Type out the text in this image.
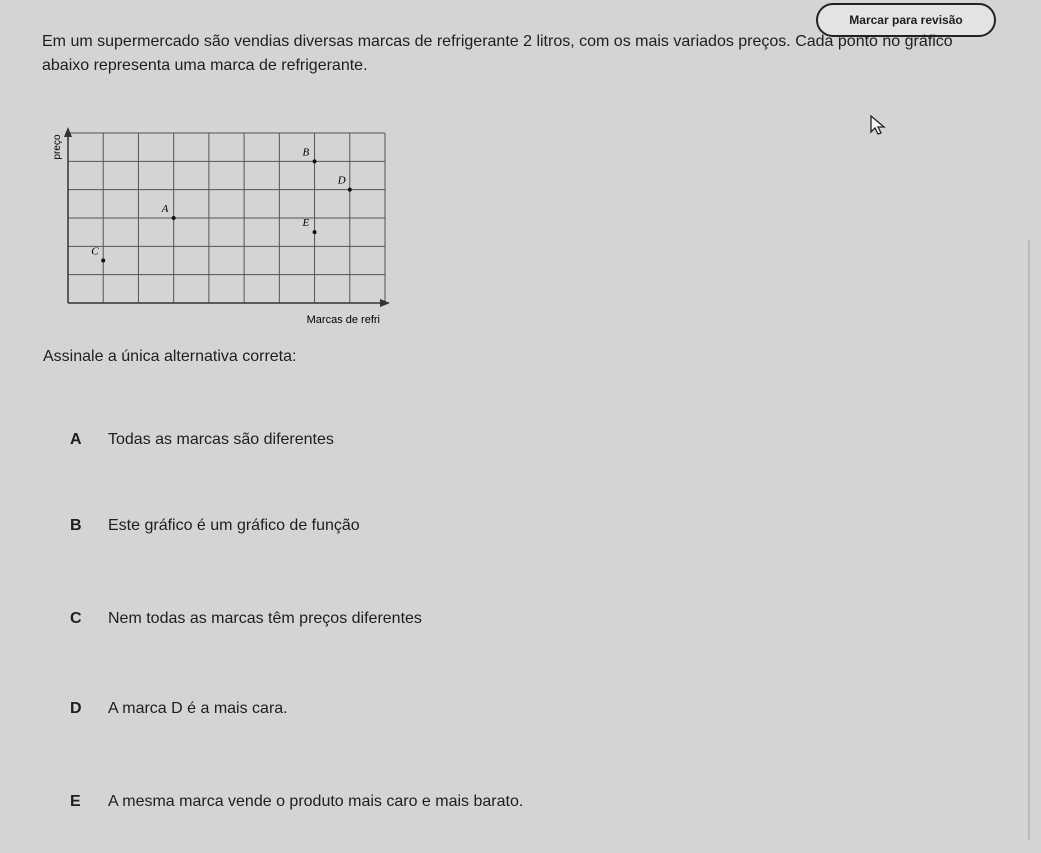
Marcar para revisão

Em um supermercado são vendias diversas marcas de refrigerante 2 litros, com os mais variados preços. Cada ponto no gráfico abaixo representa uma marca de refrigerante.

preço
Marcas de refri
A
B
C
D
E

Assinale a única alternativa correta:

A	Todas as marcas são diferentes
B	Este gráfico é um gráfico de função
C	Nem todas as marcas têm preços diferentes
D	A marca D é a mais cara.
E	A mesma marca vende o produto mais caro e mais barato.
